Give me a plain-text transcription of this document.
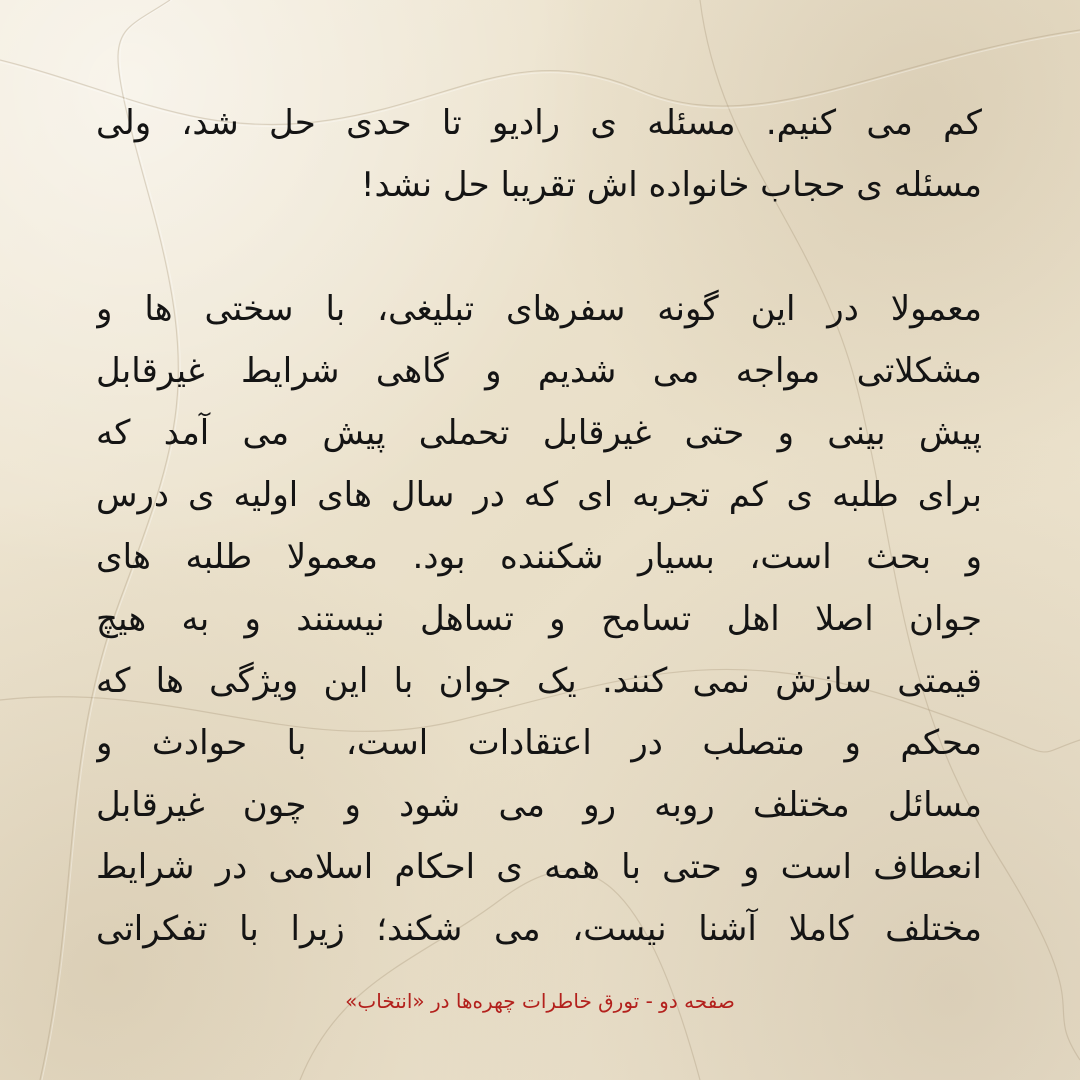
کم می کنیم. مسئله ی رادیو تا حدی حل شد، ولی
مسئله ی حجاب خانواده اش تقریبا حل نشد!
معمولا در این گونه سفرهای تبلیغی، با سختی ها و
مشکلاتی مواجه می شدیم و گاهی شرایط غیرقابل
پیش بینی و حتی غیرقابل تحملی پیش می آمد که
برای طلبه ی کم تجربه ای که در سال های اولیه ی درس
و بحث است، بسیار شکننده بود. معمولا طلبه های
جوان اصلا اهل تسامح و تساهل نیستند و به هیچ
قیمتی سازش نمی کنند. یک جوان با این ویژگی ها که
محکم و متصلب در اعتقادات است، با حوادث و
مسائل مختلف روبه رو می شود و چون غیرقابل
انعطاف است و حتی با همه ی احکام اسلامی در شرایط
مختلف کاملا آشنا نیست، می شکند؛ زیرا با تفکراتی
صفحه دو - تورق خاطرات چهره‌ها در «انتخاب»
